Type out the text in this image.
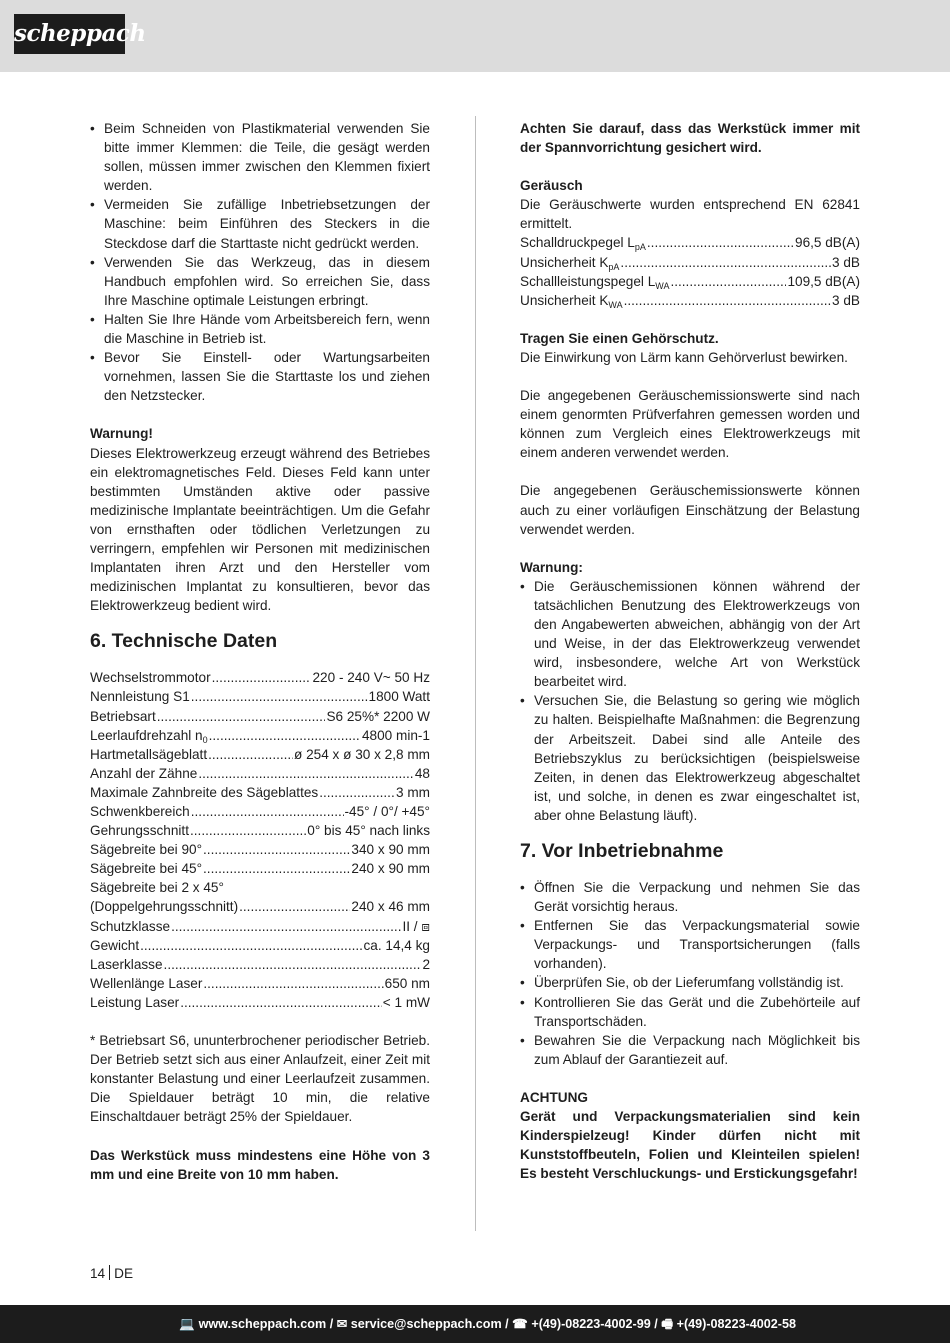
scheppach
• Beim Schneiden von Plastikmaterial verwenden Sie bitte immer Klemmen: die Teile, die gesägt werden sollen, müssen immer zwischen den Klemmen fixiert werden.
• Vermeiden Sie zufällige Inbetriebsetzungen der Maschine: beim Einführen des Steckers in die Steckdose darf die Starttaste nicht gedrückt werden.
• Verwenden Sie das Werkzeug, das in diesem Handbuch empfohlen wird. So erreichen Sie, dass Ihre Maschine optimale Leistungen erbringt.
• Halten Sie Ihre Hände vom Arbeitsbereich fern, wenn die Maschine in Betrieb ist.
• Bevor Sie Einstell- oder Wartungsarbeiten vornehmen, lassen Sie die Starttaste los und ziehen den Netzstecker.

Warnung!

Dieses Elektrowerkzeug erzeugt während des Betriebes ein elektromagnetisches Feld. Dieses Feld kann unter bestimmten Umständen aktive oder passive medizinische Implantate beeinträchtigen. Um die Gefahr von ernsthaften oder tödlichen Verletzungen zu verringern, empfehlen wir Personen mit medizinischen Implantaten ihren Arzt und den Hersteller vom medizinischen Implantat zu konsultieren, bevor das Elektrowerkzeug bedient wird.

6. Technische Daten
Wechselstrommotor .....	220 - 240 V~ 50 Hz
Nennleistung S1 .....	1800 Watt
Betriebsart .....	S6 25%* 2200 W
Leerlaufdrehzahl $n_0$ .....	4800 min-1
Hartmetallsägeblatt .....	ø 254 x ø 30 x 2,8 mm
Anzahl der Zähne .....	48
Maximale Zahnbreite des Sägeblattes .....	3 mm
Schwenkbereich .....	-45° / 0°/ +45°
Gehrungsschnitt .....	0° bis 45° nach links
Sägebreite bei 90° .....	340 x 90 mm
Sägebreite bei 45° .....	240 x 90 mm
Sägebreite bei 2 x 45°
(Doppelgehrungsschnitt) .....	240 x 46 mm
Schutzklasse .....	II / ⧈
Gewicht .....	ca. 14,4 kg
Laserklasse .....	2
Wellenlänge Laser .....	650 nm
Leistung Laser .....	< 1 mW

* Betriebsart S6, ununterbrochener periodischer Betrieb. Der Betrieb setzt sich aus einer Anlaufzeit, einer Zeit mit konstanter Belastung und einer Leerlaufzeit zusammen. Die Spieldauer beträgt 10 min, die relative Einschaltdauer beträgt 25% der Spieldauer.

Das Werkstück muss mindestens eine Höhe von 3 mm und eine Breite von 10 mm haben.

Achten Sie darauf, dass das Werkstück immer mit der Spannvorrichtung gesichert wird.

Geräusch

Die Geräuschwerte wurden entsprechend EN 62841 ermittelt.

Schalldruckpegel $L_{pA}$ .....	96,5 dB(A)
Unsicherheit $K_{pA}$ .....	3 dB
Schallleistungspegel $L_{WA}$ .....	109,5 dB(A)
Unsicherheit $K_{WA}$ .....	3 dB

Tragen Sie einen Gehörschutz.

Die Einwirkung von Lärm kann Gehörverlust bewirken.

Die angegebenen Geräuschemissionswerte sind nach einem genormten Prüfverfahren gemessen worden und können zum Vergleich eines Elektrowerkzeugs mit einem anderen verwendet werden.

Die angegebenen Geräuschemissionswerte können auch zu einer vorläufigen Einschätzung der Belastung verwendet werden.

Warnung:

• Die Geräuschemissionen können während der tatsächlichen Benutzung des Elektrowerkzeugs von den Angabewerten abweichen, abhängig von der Art und Weise, in der das Elektrowerkzeug verwendet wird, insbesondere, welche Art von Werkstück bearbeitet wird.
• Versuchen Sie, die Belastung so gering wie möglich zu halten. Beispielhafte Maßnahmen: die Begrenzung der Arbeitszeit. Dabei sind alle Anteile des Betriebszyklus zu berücksichtigen (beispielsweise Zeiten, in denen das Elektrowerkzeug abgeschaltet ist, und solche, in denen es zwar eingeschaltet ist, aber ohne Belastung läuft).
7. Vor Inbetriebnahme
• Öffnen Sie die Verpackung und nehmen Sie das Gerät vorsichtig heraus.
• Entfernen Sie das Verpackungsmaterial sowie Verpackungs- und Transportsicherungen (falls vorhanden).
• Überprüfen Sie, ob der Lieferumfang vollständig ist.
• Kontrollieren Sie das Gerät und die Zubehörteile auf Transportschäden.
• Bewahren Sie die Verpackung nach Möglichkeit bis zum Ablauf der Garantiezeit auf.

ACHTUNG

Gerät und Verpackungsmaterialien sind kein Kinderspielzeug! Kinder dürfen nicht mit Kunststoffbeuteln, Folien und Kleinteilen spielen! Es besteht Verschluckungs- und Erstickungsgefahr!

14 DE
💻 www.scheppach.com / ✉ service@scheppach.com / ☎ +(49)-08223-4002-99 / 🖷 +(49)-08223-4002-58
